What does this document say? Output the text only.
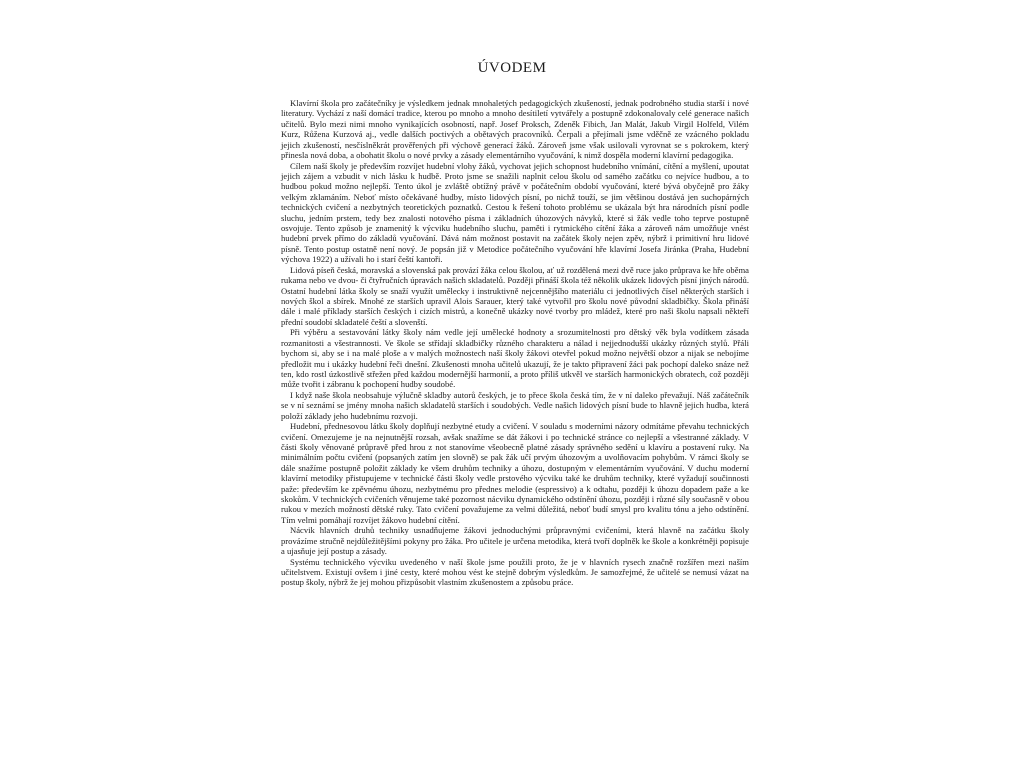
ÚVODEM

Klavírní škola pro začátečníky je výsledkem jednak mnohaletých pedagogických zkušeností, jednak podrobného studia starší i nové literatury. Vychází z naší domácí tradice, kterou po mnoho a mnoho desítiletí vytvářely a postupně zdokonalovaly celé generace našich učitelů. Bylo mezi nimi mnoho vynikajících osobností, např. Josef Proksch, Zdeněk Fibich, Jan Malát, Jakub Virgil Holfeld, Vilém Kurz, Růžena Kurzová aj., vedle dalších poctivých a obětavých pracovníků. Čerpali a přejímali jsme vděčně ze vzácného pokladu jejich zkušeností, nesčíslněkrát prověřených při výchově generací žáků. Zároveň jsme však usilovali vyrovnat se s pokrokem, který přinesla nová doba, a obohatit školu o nové prvky a zásady elementárního vyučování, k nimž dospěla moderní klavírní pedagogika.

Cílem naší školy je především rozvíjet hudební vlohy žáků, vychovat jejich schopnost hudebního vnímání, cítění a myšlení, upoutat jejich zájem a vzbudit v nich lásku k hudbě. Proto jsme se snažili naplnit celou školu od samého začátku co nejvíce hudbou, a to hudbou pokud možno nejlepší. Tento úkol je zvláště obtížný právě v počátečním období vyučování, které bývá obyčejně pro žáky velkým zklamáním. Neboť místo očekávané hudby, místo lidových písní, po nichž touží, se jim většinou dostává jen suchopárných technických cvičení a nezbytných teoretických poznatků. Cestou k řešení tohoto problému se ukázala být hra národních písní podle sluchu, jedním prstem, tedy bez znalosti notového písma i základních úhozových návyků, které si žák vedle toho teprve postupně osvojuje. Tento způsob je znamenitý k výcviku hudebního sluchu, paměti i rytmického cítění žáka a zároveň nám umožňuje vnést hudební prvek přímo do základů vyučování. Dává nám možnost postavit na začátek školy nejen zpěv, nýbrž i primitivní hru lidové písně. Tento postup ostatně není nový. Je popsán již v Metodice počátečního vyučování hře klavírní Josefa Jiránka (Praha, Hudební výchova 1922) a užívali ho i starí čeští kantoři.

Lidová píseň česká, moravská a slovenská pak provází žáka celou školou, ať už rozdělená mezi dvě ruce jako průprava ke hře oběma rukama nebo ve dvou- či čtyřručních úpravách našich skladatelů. Později přináší škola též několik ukázek lidových písní jiných národů. Ostatní hudební látka školy se snaží využít umělecky i instruktivně nejcennějšího materiálu ci jednotlivých čísel některých starších i nových škol a sbírek. Mnohé ze starších upravil Alois Sarauer, který také vytvořil pro školu nové původní skladbičky. Škola přináší dále i malé příklady starších českých i cizích mistrů, a konečně ukázky nové tvorby pro mládež, které pro naši školu napsali někteří přední soudobí skladatelé čeští a slovenští.

Při výběru a sestavování látky školy nám vedle její umělecké hodnoty a srozumitelnosti pro dětský věk byla vodítkem zásada rozmanitosti a všestrannosti. Ve škole se střídají skladbičky různého charakteru a nálad i nejjednodušší ukázky různých stylů. Přáli bychom si, aby se i na malé ploše a v malých možnostech naší školy žákovi otevřel pokud možno největší obzor a nijak se nebojíme předložit mu i ukázky hudební řeči dnešní. Zkušenosti mnoha učitelů ukazují, že je takto připravení žáci pak pochopí daleko snáze než ten, kdo rostl úzkostlivě střežen před každou modernější harmonií, a proto příliš utkvěl ve starších harmonických obratech, což později může tvořit i zábranu k pochopení hudby soudobé.

I když naše škola neobsahuje výlučně skladby autorů českých, je to přece škola česká tím, že v ní daleko převažují. Náš začátečník se v ní seznámí se jmény mnoha našich skladatelů starších i soudobých. Vedle našich lidových písní bude to hlavně jejich hudba, která položí základy jeho hudebnímu rozvoji.

Hudební, přednesovou látku školy doplňují nezbytné etudy a cvičení. V souladu s moderními názory odmítáme převahu technických cvičení. Omezujeme je na nejnutnější rozsah, avšak snažíme se dát žákovi i po technické stránce co nejlepší a všestranné základy. V části školy věnované průpravě před hrou z not stanovíme všeobecně platné zásady správného sedění u klavíru a postavení ruky. Na minimálním počtu cvičení (popsaných zatím jen slovně) se pak žák učí prvým úhozovým a uvolňovacím pohybům. V rámci školy se dále snažíme postupně položit základy ke všem druhům techniky a úhozu, dostupným v elementárním vyučování. V duchu moderní klavírní metodiky přistupujeme v technické části školy vedle prstového výcviku také ke druhům techniky, které vyžadují součinnosti paže: především ke zpěvnému úhozu, nezbytnému pro přednes melodie (espressivo) a k odtahu, později k úhozu dopadem paže a ke skokům. V technických cvičeních věnujeme také pozornost nácviku dynamického odstínění úhozu, později i různé síly současně v obou rukou v mezích možností dětské ruky. Tato cvičení považujeme za velmi důležitá, neboť budí smysl pro kvalitu tónu a jeho odstínění. Tím velmi pomáhají rozvíjet žákovo hudební cítění.

Nácvik hlavních druhů techniky usnadňujeme žákovi jednoduchými průpravnými cvičeními, která hlavně na začátku školy provázíme stručně nejdůležitějšími pokyny pro žáka. Pro učitele je určena metodika, která tvoří doplněk ke škole a konkrétněji popisuje a ujasňuje její postup a zásady.

Systému technického výcviku uvedeného v naší škole jsme použili proto, že je v hlavních rysech značně rozšířen mezi naším učitelstvem. Existují ovšem i jiné cesty, které mohou vést ke stejně dobrým výsledkům. Je samozřejmé, že učitelé se nemusí vázat na postup školy, nýbrž že jej mohou přizpůsobit vlastním zkušenostem a způsobu práce.
